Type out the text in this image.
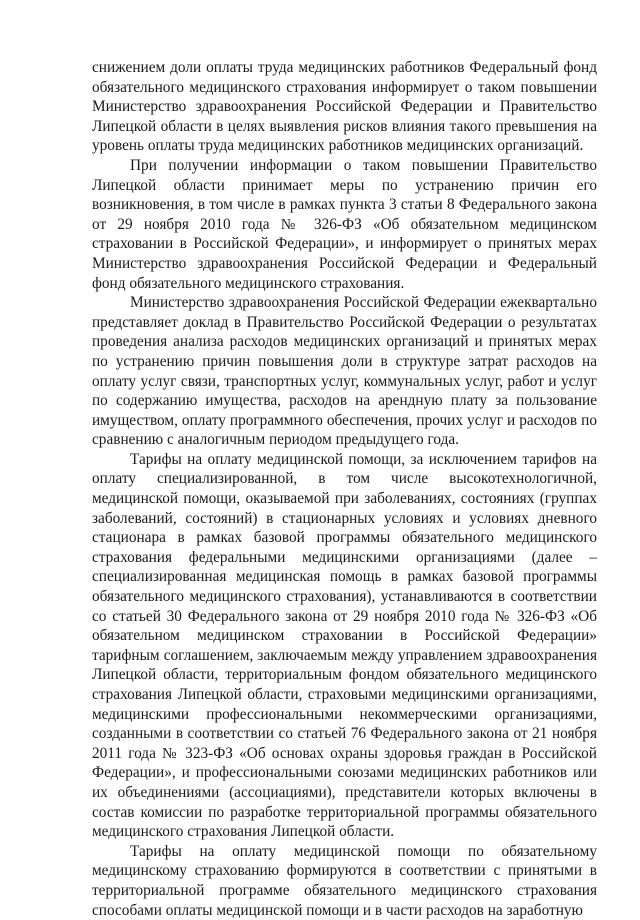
снижением доли оплаты труда медицинских работников Федеральный фонд обязательного медицинского страхования информирует о таком повышении Министерство здравоохранения Российской Федерации и Правительство Липецкой области в целях выявления рисков влияния такого превышения на уровень оплаты труда медицинских работников медицинских организаций.

При получении информации о таком повышении Правительство Липецкой области принимает меры по устранению причин его возникновения, в том числе в рамках пункта 3 статьи 8 Федерального закона от 29 ноября 2010 года № 326-ФЗ «Об обязательном медицинском страховании в Российской Федерации», и информирует о принятых мерах Министерство здравоохранения Российской Федерации и Федеральный фонд обязательного медицинского страхования.

Министерство здравоохранения Российской Федерации ежеквартально представляет доклад в Правительство Российской Федерации о результатах проведения анализа расходов медицинских организаций и принятых мерах по устранению причин повышения доли в структуре затрат расходов на оплату услуг связи, транспортных услуг, коммунальных услуг, работ и услуг по содержанию имущества, расходов на арендную плату за пользование имуществом, оплату программного обеспечения, прочих услуг и расходов по сравнению с аналогичным периодом предыдущего года.

Тарифы на оплату медицинской помощи, за исключением тарифов на оплату специализированной, в том числе высокотехнологичной, медицинской помощи, оказываемой при заболеваниях, состояниях (группах заболеваний, состояний) в стационарных условиях и условиях дневного стационара в рамках базовой программы обязательного медицинского страхования федеральными медицинскими организациями (далее – специализированная медицинская помощь в рамках базовой программы обязательного медицинского страхования), устанавливаются в соответствии со статьей 30 Федерального закона от 29 ноября 2010 года № 326-ФЗ «Об обязательном медицинском страховании в Российской Федерации» тарифным соглашением, заключаемым между управлением здравоохранения Липецкой области, территориальным фондом обязательного медицинского страхования Липецкой области, страховыми медицинскими организациями, медицинскими профессиональными некоммерческими организациями, созданными в соответствии со статьей 76 Федерального закона от 21 ноября 2011 года № 323-ФЗ «Об основах охраны здоровья граждан в Российской Федерации», и профессиональными союзами медицинских работников или их объединениями (ассоциациями), представители которых включены в состав комиссии по разработке территориальной программы обязательного медицинского страхования Липецкой области.

Тарифы на оплату медицинской помощи по обязательному медицинскому страхованию формируются в соответствии с принятыми в территориальной программе обязательного медицинского страхования способами оплаты медицинской помощи и в части расходов на заработную
